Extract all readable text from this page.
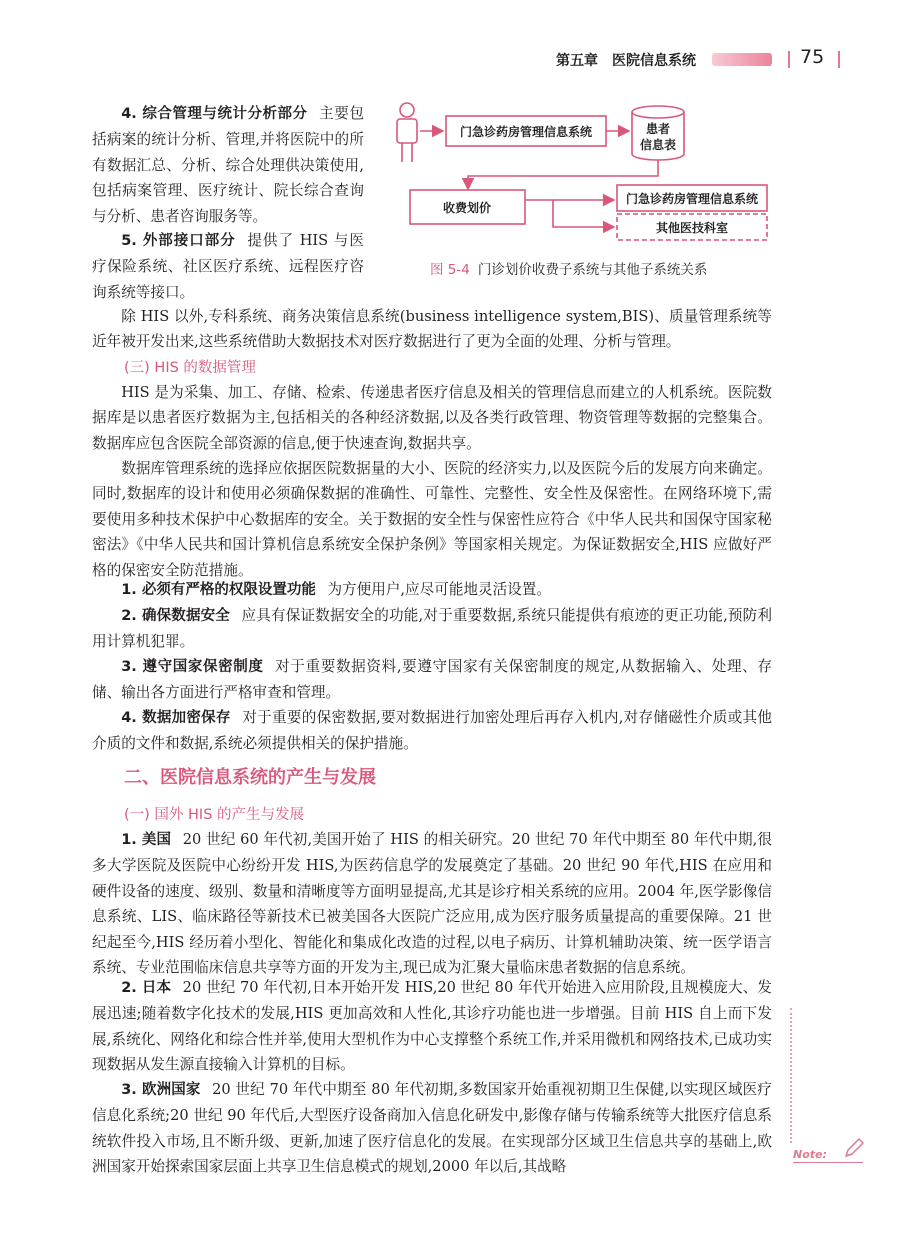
第五章　医院信息系统	75

4. 综合管理与统计分析部分 主要包括病案的统计分析、管理,并将医院中的所有数据汇总、分析、综合处理供决策使用,包括病案管理、医疗统计、院长综合查询与分析、患者咨询服务等。

5. 外部接口部分 提供了 HIS 与医疗保险系统、社区医疗系统、远程医疗咨询系统等接口。

除 HIS 以外,专科系统、商务决策信息系统(business intelligence system,BIS)、质量管理系统等近年被开发出来,这些系统借助大数据技术对医疗数据进行了更为全面的处理、分析与管理。

门急诊药房管理信息系统	患者
信息表
收费划价
门急诊药房管理信息系统
其他医技科室
图 5-4 门诊划价收费子系统与其他子系统关系
(三) HIS 的数据管理

HIS 是为采集、加工、存储、检索、传递患者医疗信息及相关的管理信息而建立的人机系统。医院数据库是以患者医疗数据为主,包括相关的各种经济数据,以及各类行政管理、物资管理等数据的完整集合。数据库应包含医院全部资源的信息,便于快速查询,数据共享。

数据库管理系统的选择应依据医院数据量的大小、医院的经济实力,以及医院今后的发展方向来确定。同时,数据库的设计和使用必须确保数据的准确性、可靠性、完整性、安全性及保密性。在网络环境下,需要使用多种技术保护中心数据库的安全。关于数据的安全性与保密性应符合《中华人民共和国保守国家秘密法》《中华人民共和国计算机信息系统安全保护条例》等国家相关规定。为保证数据安全,HIS 应做好严格的保密安全防范措施。

1. 必须有严格的权限设置功能 为方便用户,应尽可能地灵活设置。

2. 确保数据安全 应具有保证数据安全的功能,对于重要数据,系统只能提供有痕迹的更正功能,预防利用计算机犯罪。

3. 遵守国家保密制度 对于重要数据资料,要遵守国家有关保密制度的规定,从数据输入、处理、存储、输出各方面进行严格审查和管理。

4. 数据加密保存 对于重要的保密数据,要对数据进行加密处理后再存入机内,对存储磁性介质或其他介质的文件和数据,系统必须提供相关的保护措施。

二、医院信息系统的产生与发展
(一) 国外 HIS 的产生与发展

1. 美国 20 世纪 60 年代初,美国开始了 HIS 的相关研究。20 世纪 70 年代中期至 80 年代中期,很多大学医院及医院中心纷纷开发 HIS,为医药信息学的发展奠定了基础。20 世纪 90 年代,HIS 在应用和硬件设备的速度、级别、数量和清晰度等方面明显提高,尤其是诊疗相关系统的应用。2004 年,医学影像信息系统、LIS、临床路径等新技术已被美国各大医院广泛应用,成为医疗服务质量提高的重要保障。21 世纪起至今,HIS 经历着小型化、智能化和集成化改造的过程,以电子病历、计算机辅助决策、统一医学语言系统、专业范围临床信息共享等方面的开发为主,现已成为汇聚大量临床患者数据的信息系统。

2. 日本 20 世纪 70 年代初,日本开始开发 HIS,20 世纪 80 年代开始进入应用阶段,且规模庞大、发展迅速;随着数字化技术的发展,HIS 更加高效和人性化,其诊疗功能也进一步增强。目前 HIS 自上而下发展,系统化、网络化和综合性并举,使用大型机作为中心支撑整个系统工作,并采用微机和网络技术,已成功实现数据从发生源直接输入计算机的目标。

3. 欧洲国家 20 世纪 70 年代中期至 80 年代初期,多数国家开始重视初期卫生保健,以实现区域医疗信息化系统;20 世纪 90 年代后,大型医疗设备商加入信息化研发中,影像存储与传输系统等大批医疗信息系统软件投入市场,且不断升级、更新,加速了医疗信息化的发展。在实现部分区域卫生信息共享的基础上,欧洲国家开始探索国家层面上共享卫生信息模式的规划,2000 年以后,其战略

Note:
